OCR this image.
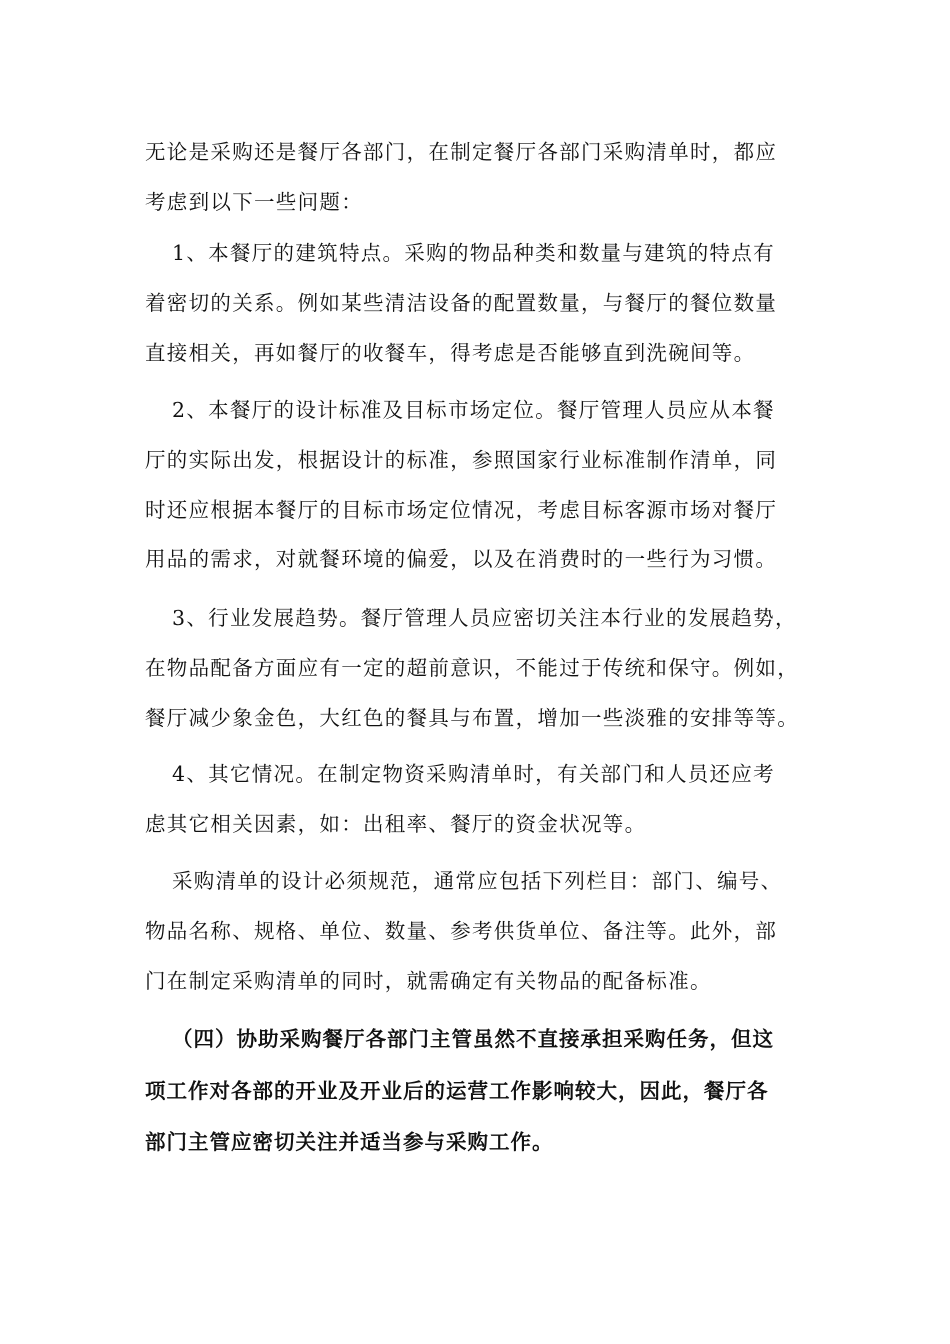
无论是采购还是餐厅各部门，在制定餐厅各部门采购清单时，都应
考虑到以下一些问题：
1、本餐厅的建筑特点。采购的物品种类和数量与建筑的特点有
着密切的关系。例如某些清洁设备的配置数量，与餐厅的餐位数量
直接相关，再如餐厅的收餐车，得考虑是否能够直到洗碗间等。
2、本餐厅的设计标准及目标市场定位。餐厅管理人员应从本餐
厅的实际出发，根据设计的标准，参照国家行业标准制作清单，同
时还应根据本餐厅的目标市场定位情况，考虑目标客源市场对餐厅
用品的需求，对就餐环境的偏爱，以及在消费时的一些行为习惯。
3、行业发展趋势。餐厅管理人员应密切关注本行业的发展趋势，
在物品配备方面应有一定的超前意识，不能过于传统和保守。例如，
餐厅减少象金色，大红色的餐具与布置，增加一些淡雅的安排等等。
4、其它情况。在制定物资采购清单时，有关部门和人员还应考
虑其它相关因素，如：出租率、餐厅的资金状况等。
采购清单的设计必须规范，通常应包括下列栏目：部门、编号、
物品名称、规格、单位、数量、参考供货单位、备注等。此外，部
门在制定采购清单的同时，就需确定有关物品的配备标准。
（四）协助采购餐厅各部门主管虽然不直接承担采购任务，但这
项工作对各部的开业及开业后的运营工作影响较大，因此，餐厅各
部门主管应密切关注并适当参与采购工作。
